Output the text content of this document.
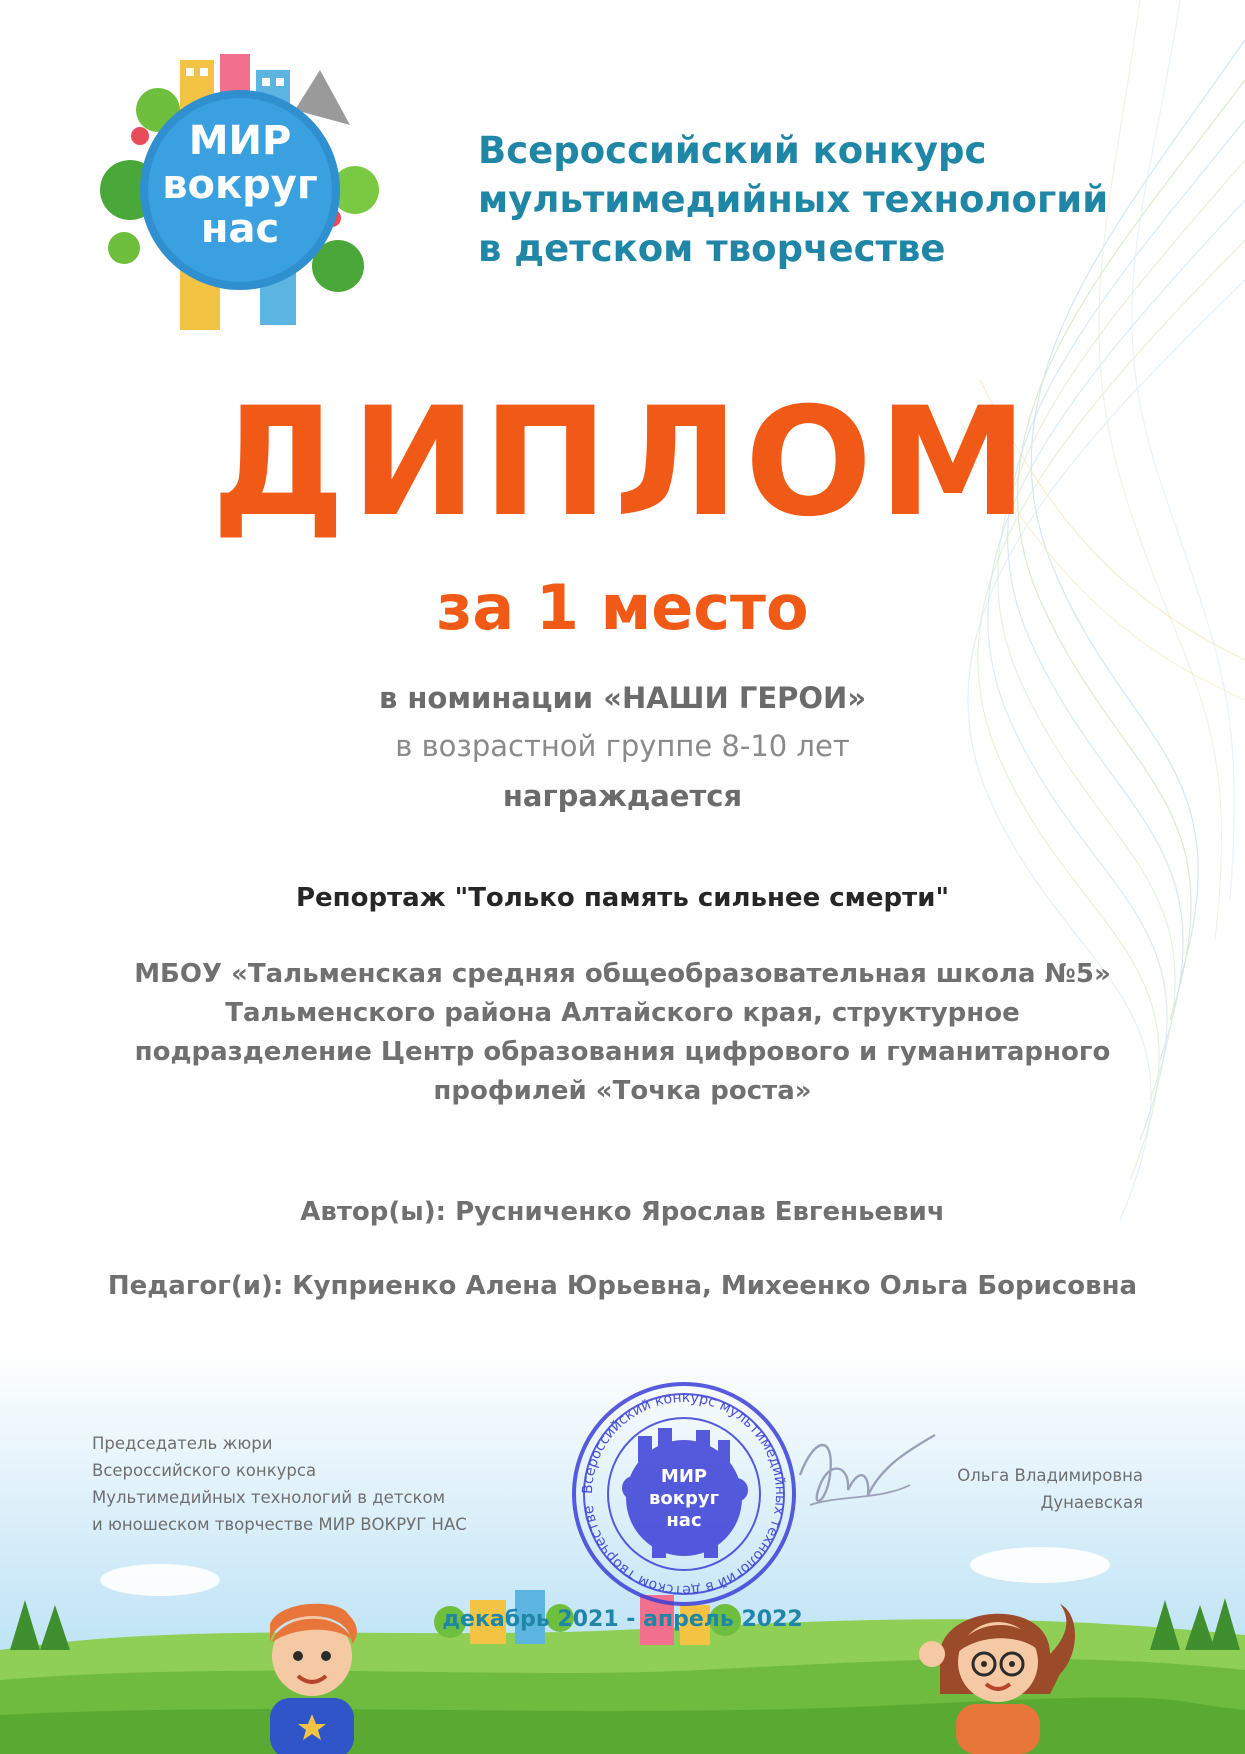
МИР
вокруг
нас
Всероссийский конкурс
мультимедийных технологий
в детском творчестве
ДИПЛОМ
за 1 место
в номинации «НАШИ ГЕРОИ»
в возрастной группе 8-10 лет
награждается
Репортаж "Только память сильнее смерти"
МБОУ «Тальменская средняя общеобразовательная школа №5»
Тальменского района Алтайского края, структурное
подразделение Центр образования цифрового и гуманитарного
профилей «Точка роста»
Автор(ы): Русниченко Ярослав Евгеньевич
Педагог(и): Куприенко Алена Юрьевна, Михеенко Ольга Борисовна
Председатель жюри
Всероссийского конкурса
Мультимедийных технологий в детском
и юношеском творчестве МИР ВОКРУГ НАС
Ольга Владимировна
Дунаевская
Всероссийский конкурс мультимедийных технологий в детском творчестве
МИР
вокруг
нас
декабрь 2021 - апрель 2022
